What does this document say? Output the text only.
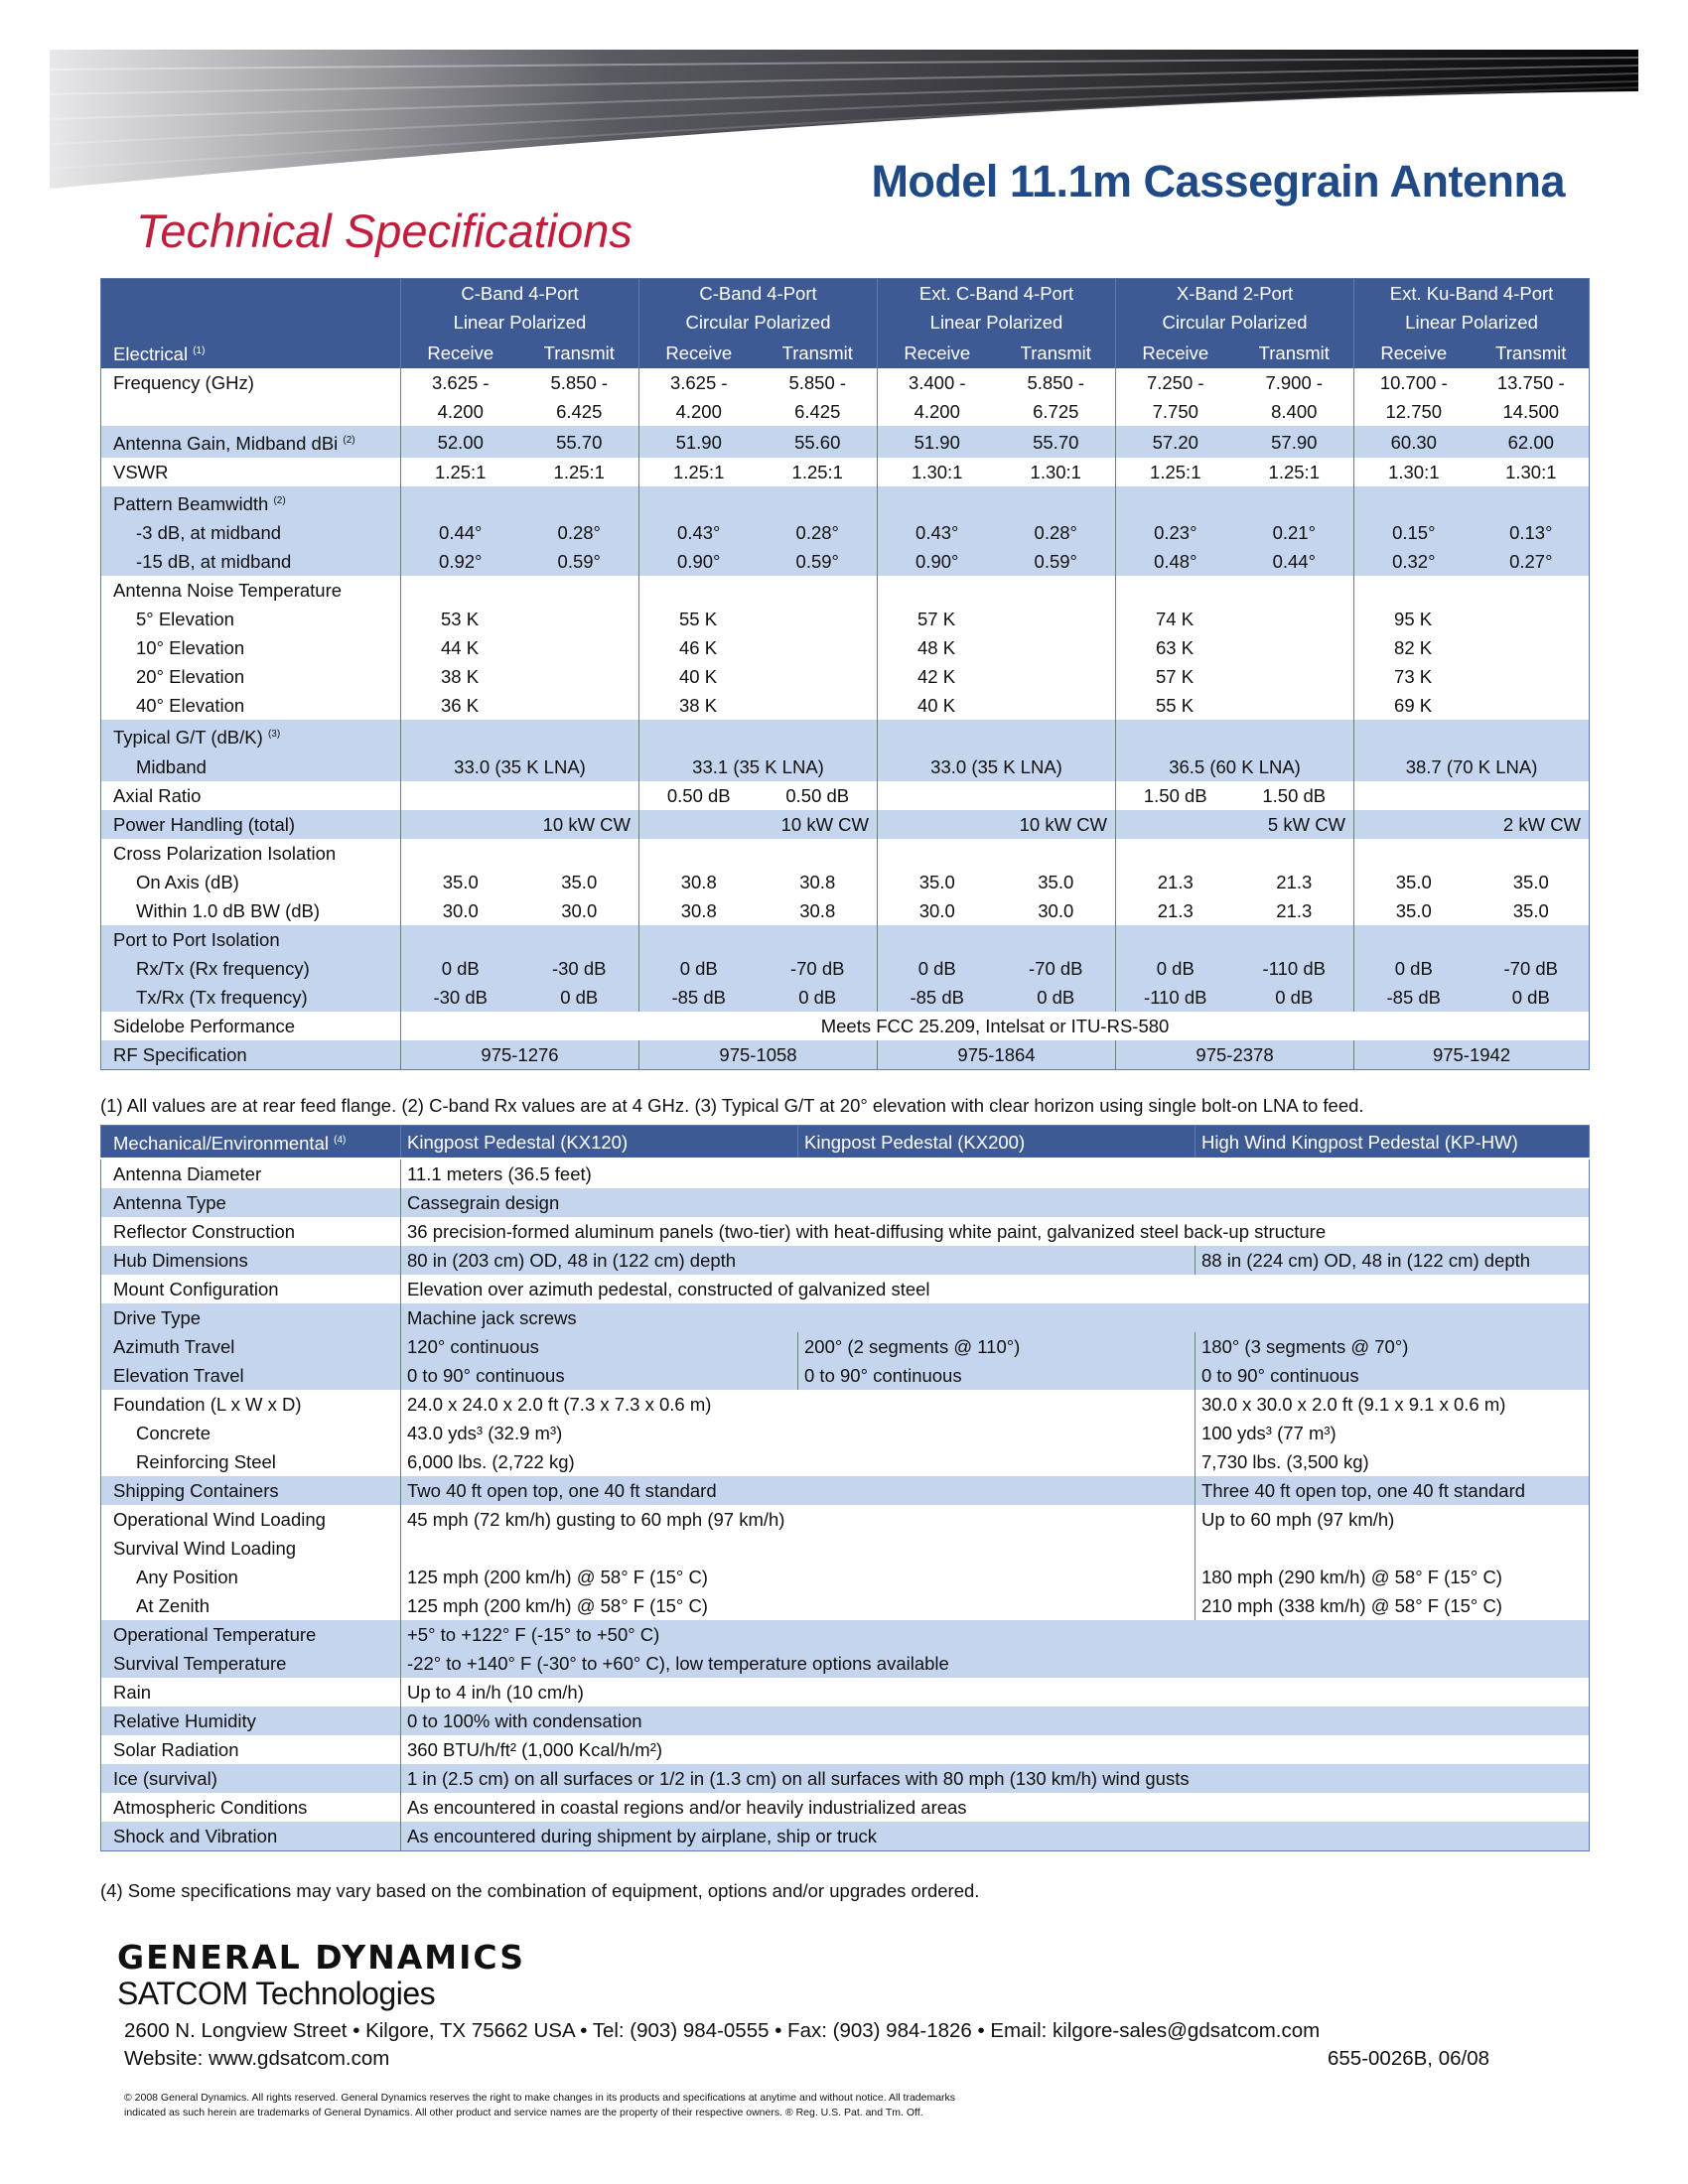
Model 11.1m Cassegrain Antenna
Technical Specifications
	C-Band 4-Port		C-Band 4-Port		Ext. C-Band 4-Port		X-Band 2-Port		Ext. Ku-Band 4-Port	
	Linear Polarized		Circular Polarized		Linear Polarized		Circular Polarized		Linear Polarized	
Electrical $^{(1)}$	Receive	Transmit	Receive	Transmit	Receive	Transmit	Receive	Transmit	Receive	Transmit
Frequency (GHz)	3.625 -	5.850 -	3.625 -	5.850 -	3.400 -	5.850 -	7.250 -	7.900 -	10.700 -	13.750 -
	4.200	6.425	4.200	6.425	4.200	6.725	7.750	8.400	12.750	14.500
Antenna Gain, Midband dBi $^{(2)}$	52.00	55.70	51.90	55.60	51.90	55.70	57.20	57.90	60.30	62.00
VSWR	1.25:1	1.25:1	1.25:1	1.25:1	1.30:1	1.30:1	1.25:1	1.25:1	1.30:1	1.30:1
Pattern Beamwidth $^{(2)}$										
-3 dB, at midband	0.44°	0.28°	0.43°	0.28°	0.43°	0.28°	0.23°	0.21°	0.15°	0.13°
-15 dB, at midband	0.92°	0.59°	0.90°	0.59°	0.90°	0.59°	0.48°	0.44°	0.32°	0.27°
Antenna Noise Temperature										
5° Elevation	53 K		55 K		57 K		74 K		95 K	
10° Elevation	44 K		46 K		48 K		63 K		82 K	
20° Elevation	38 K		40 K		42 K		57 K		73 K	
40° Elevation	36 K		38 K		40 K		55 K		69 K	
Typical G/T (dB/K) $^{(3)}$										
Midband	33.0 (35 K LNA)		33.1 (35 K LNA)		33.0 (35 K LNA)		36.5 (60 K LNA)		38.7 (70 K LNA)	
Axial Ratio			0.50 dB	0.50 dB			1.50 dB	1.50 dB		
Power Handling (total)	10 kW CW		10 kW CW		10 kW CW		5 kW CW		2 kW CW	
Cross Polarization Isolation										
On Axis (dB)	35.0	35.0	30.8	30.8	35.0	35.0	21.3	21.3	35.0	35.0
Within 1.0 dB BW (dB)	30.0	30.0	30.8	30.8	30.0	30.0	21.3	21.3	35.0	35.0
Port to Port Isolation										
Rx/Tx (Rx frequency)	0 dB	-30 dB	0 dB	-70 dB	0 dB	-70 dB	0 dB	-110 dB	0 dB	-70 dB
Tx/Rx (Tx frequency)	-30 dB	0 dB	-85 dB	0 dB	-85 dB	0 dB	-110 dB	0 dB	-85 dB	0 dB
Sidelobe Performance	Meets FCC 25.209, Intelsat or ITU-RS-580									
RF Specification	975-1276		975-1058		975-1864		975-2378		975-1942	
(1) All values are at rear feed flange. (2) C-band Rx values are at 4 GHz. (3) Typical G/T at 20° elevation with clear horizon using single bolt-on LNA to feed.
Mechanical/Environmental $^{(4)}$	Kingpost Pedestal (KX120)	Kingpost Pedestal (KX200)	High Wind Kingpost Pedestal (KP-HW)
Antenna Diameter	11.1 meters (36.5 feet)		
Antenna Type	Cassegrain design		
Reflector Construction	36 precision-formed aluminum panels (two-tier) with heat-diffusing white paint, galvanized steel back-up structure		
Hub Dimensions	80 in (203 cm) OD, 48 in (122 cm) depth		88 in (224 cm) OD, 48 in (122 cm) depth
Mount Configuration	Elevation over azimuth pedestal, constructed of galvanized steel		
Drive Type	Machine jack screws		
Azimuth Travel	120° continuous	200° (2 segments @ 110°)	180° (3 segments @ 70°)
Elevation Travel	0 to 90° continuous	0 to 90° continuous	0 to 90° continuous
Foundation (L x W x D)	24.0 x 24.0 x 2.0 ft (7.3 x 7.3 x 0.6 m)		30.0 x 30.0 x 2.0 ft (9.1 x 9.1 x 0.6 m)
Concrete	43.0 yds³ (32.9 m³)		100 yds³ (77 m³)
Reinforcing Steel	6,000 lbs. (2,722 kg)		7,730 lbs. (3,500 kg)
Shipping Containers	Two 40 ft open top, one 40 ft standard		Three 40 ft open top, one 40 ft standard
Operational Wind Loading	45 mph (72 km/h) gusting to 60 mph (97 km/h)		Up to 60 mph (97 km/h)
Survival Wind Loading			
Any Position	125 mph (200 km/h) @ 58° F (15° C)		180 mph (290 km/h) @ 58° F (15° C)
At Zenith	125 mph (200 km/h) @ 58° F (15° C)		210 mph (338 km/h) @ 58° F (15° C)
Operational Temperature	+5° to +122° F (-15° to +50° C)		
Survival Temperature	-22° to +140° F (-30° to +60° C), low temperature options available		
Rain	Up to 4 in/h (10 cm/h)		
Relative Humidity	0 to 100% with condensation		
Solar Radiation	360 BTU/h/ft² (1,000 Kcal/h/m²)		
Ice (survival)	1 in (2.5 cm) on all surfaces or 1/2 in (1.3 cm) on all surfaces with 80 mph (130 km/h) wind gusts		
Atmospheric Conditions	As encountered in coastal regions and/or heavily industrialized areas		
Shock and Vibration	As encountered during shipment by airplane, ship or truck		
(4) Some specifications may vary based on the combination of equipment, options and/or upgrades ordered.
GENERAL DYNAMICS
SATCOM Technologies
2600 N. Longview Street • Kilgore, TX 75662 USA • Tel: (903) 984-0555 • Fax: (903) 984-1826 • Email: kilgore-sales@gdsatcom.com
Website: www.gdsatcom.com	655-0026B, 06/08
© 2008 General Dynamics. All rights reserved. General Dynamics reserves the right to make changes in its products and specifications at anytime and without notice. All trademarks
indicated as such herein are trademarks of General Dynamics. All other product and service names are the property of their respective owners. ® Reg. U.S. Pat. and Tm. Off.
